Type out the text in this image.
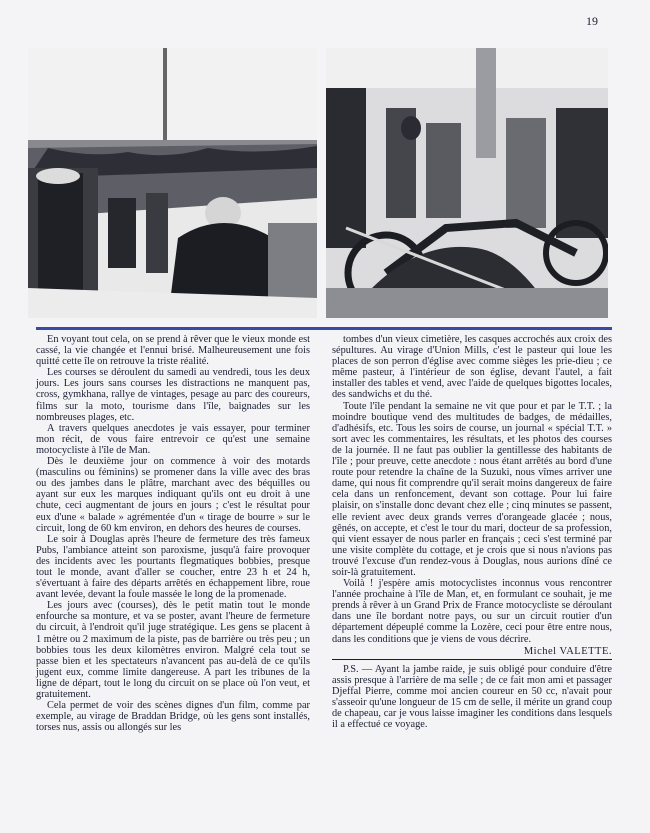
19

En voyant tout cela, on se prend à rêver que le vieux monde est cassé, la vie changée et l'ennui brisé. Malheureusement une fois quitté cette île on retrouve la triste réalité.

Les courses se déroulent du samedi au vendredi, tous les deux jours. Les jours sans courses les distractions ne manquent pas, cross, gymkhana, rallye de vintages, pesage au parc des coureurs, films sur la moto, tourisme dans l'île, baignades sur les nombreuses plages, etc.

A travers quelques anecdotes je vais essayer, pour terminer mon récit, de vous faire entrevoir ce qu'est une semaine motocycliste à l'île de Man.

Dès le deuxième jour on commence à voir des motards (masculins ou féminins) se promener dans la ville avec des bras ou des jambes dans le plâtre, marchant avec des béquilles ou ayant sur eux les marques indiquant qu'ils ont eu droit à une chute, ceci augmentant de jours en jours ; c'est le résultat pour eux d'une « balade » agrémentée d'un « tirage de bourre » sur le circuit, long de 60 km environ, en dehors des heures de courses.

Le soir à Douglas après l'heure de fermeture des très fameux Pubs, l'ambiance atteint son paroxisme, jusqu'à faire provoquer des incidents avec les pourtants flegmatiques bobbies, presque tout le monde, avant d'aller se coucher, entre 23 h et 24 h, s'évertuant à faire des départs arrêtés en échappement libre, roue avant levée, devant la foule massée le long de la promenade.

Les jours avec (courses), dès le petit matin tout le monde enfourche sa monture, et va se poster, avant l'heure de fermeture du circuit, à l'endroit qu'il juge stratégique. Les gens se placent à 1 mètre ou 2 maximum de la piste, pas de barrière ou très peu ; un bobbies tous les deux kilomètres environ. Malgré cela tout se passe bien et les spectateurs n'avancent pas au-delà de ce qu'ils jugent eux, comme limite dangereuse. A part les tribunes de la ligne de départ, tout le long du circuit on se place où l'on veut, et gratuitement.

Cela permet de voir des scènes dignes d'un film, comme par exemple, au virage de Braddan Bridge, où les gens sont installés, torses nus, assis ou allongés sur les

tombes d'un vieux cimetière, les casques accrochés aux croix des sépultures. Au virage d'Union Mills, c'est le pasteur qui loue les places de son perron d'église avec comme sièges les prie-dieu ; ce même pasteur, à l'intérieur de son église, devant l'autel, a fait installer des tables et vend, avec l'aide de quelques bigottes locales, des sandwichs et du thé.

Toute l'île pendant la semaine ne vit que pour et par le T.T. ; la moindre boutique vend des multitudes de badges, de médailles, d'adhésifs, etc. Tous les soirs de course, un journal « spécial T.T. » sort avec les commentaires, les résultats, et les photos des courses de la journée. Il ne faut pas oublier la gentillesse des habitants de l'île ; pour preuve, cette anecdote : nous étant arrêtés au bord d'une route pour retendre la chaîne de la Suzuki, nous vîmes arriver une dame, qui nous fit comprendre qu'il serait moins dangereux de faire cela dans un renfoncement, devant son cottage. Pour lui faire plaisir, on s'installe donc devant chez elle ; cinq minutes se passent, elle revient avec deux grands verres d'orangeade glacée ; nous, gênés, on accepte, et c'est le tour du mari, docteur de sa profession, qui vient essayer de nous parler en français ; ceci s'est terminé par une visite complète du cottage, et je crois que si nous n'avions pas trouvé l'excuse d'un rendez-vous à Douglas, nous aurions dîné ce soir-là gratuitement.

Voilà ! j'espère amis motocyclistes inconnus vous rencontrer l'année prochaine à l'île de Man, et, en formulant ce souhait, je me prends à rêver à un Grand Prix de France motocycliste se déroulant dans une île bordant notre pays, ou sur un circuit routier d'un département dépeuplé comme la Lozère, ceci pour être entre nous, dans les conditions que je viens de vous décrire.

Michel VALETTE.

P.S. — Ayant la jambe raide, je suis obligé pour conduire d'être assis presque à l'arrière de ma selle ; de ce fait mon ami et passager Djeffal Pierre, comme moi ancien coureur en 50 cc, n'avait pour s'asseoir qu'une longueur de 15 cm de selle, il mérite un grand coup de chapeau, car je vous laisse imaginer les conditions dans lesquels il a effectué ce voyage.
